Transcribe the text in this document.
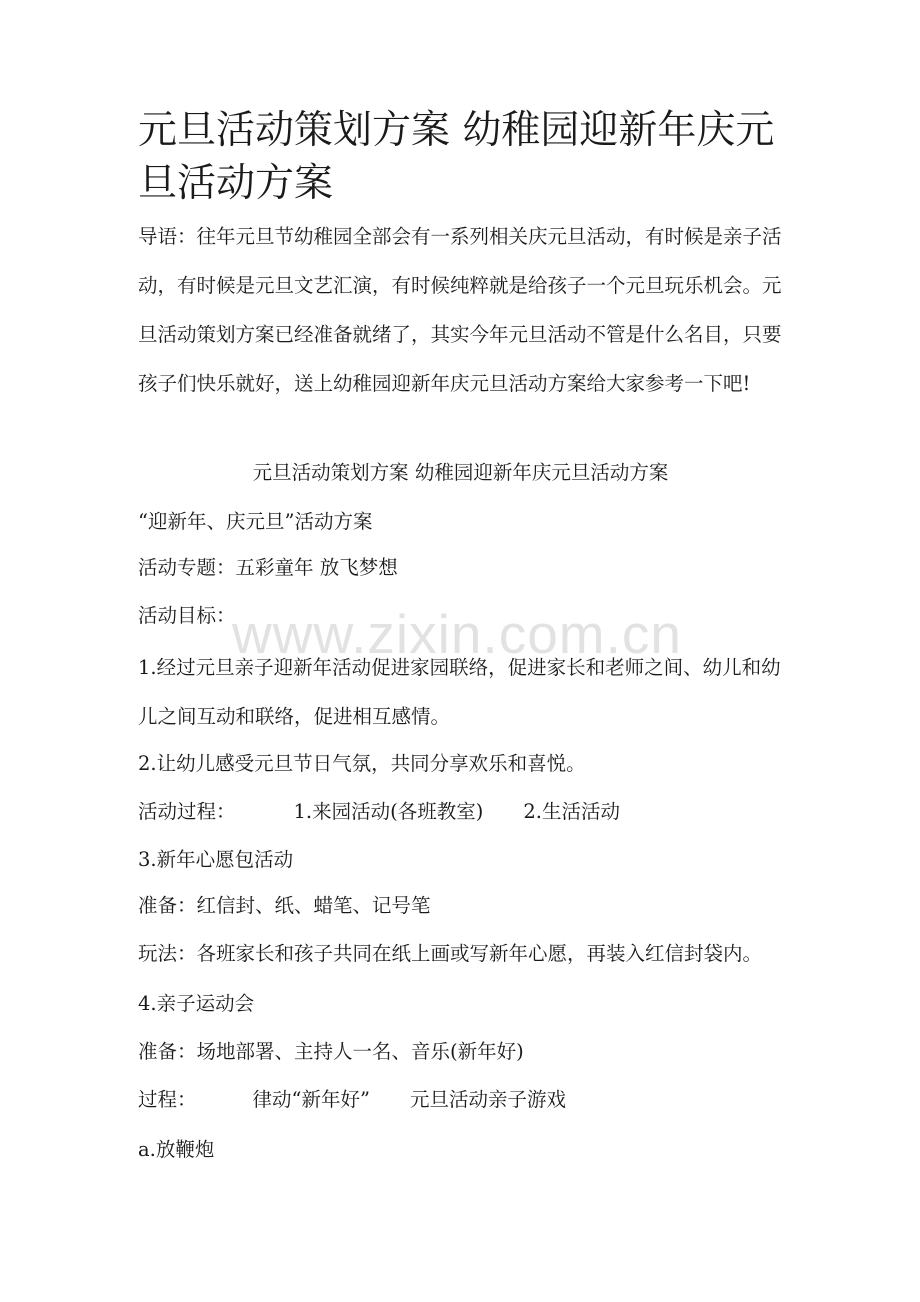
元旦活动策划方案 幼稚园迎新年庆元旦活动方案

导语：往年元旦节幼稚园全部会有一系列相关庆元旦活动，有时候是亲子活动，有时候是元旦文艺汇演，有时候纯粹就是给孩子一个元旦玩乐机会。元旦活动策划方案已经准备就绪了，其实今年元旦活动不管是什么名目，只要孩子们快乐就好，送上幼稚园迎新年庆元旦活动方案给大家参考一下吧!

元旦活动策划方案 幼稚园迎新年庆元旦活动方案

“迎新年、庆元旦”活动方案

活动专题：五彩童年 放飞梦想

活动目标：

1.经过元旦亲子迎新年活动促进家园联络，促进家长和老师之间、幼儿和幼儿之间互动和联络，促进相互感情。

2.让幼儿感受元旦节日气氛，共同分享欢乐和喜悦。

活动过程：	1.来园活动(各班教室) 2.生活活动

3.新年心愿包活动

准备：红信封、纸、蜡笔、记号笔

玩法：各班家长和孩子共同在纸上画或写新年心愿，再装入红信封袋内。

4.亲子运动会

准备：场地部署、主持人一名、音乐(新年好)

过程：	律动“新年好” 元旦活动亲子游戏

a.放鞭炮

www.zixin.com.cn
